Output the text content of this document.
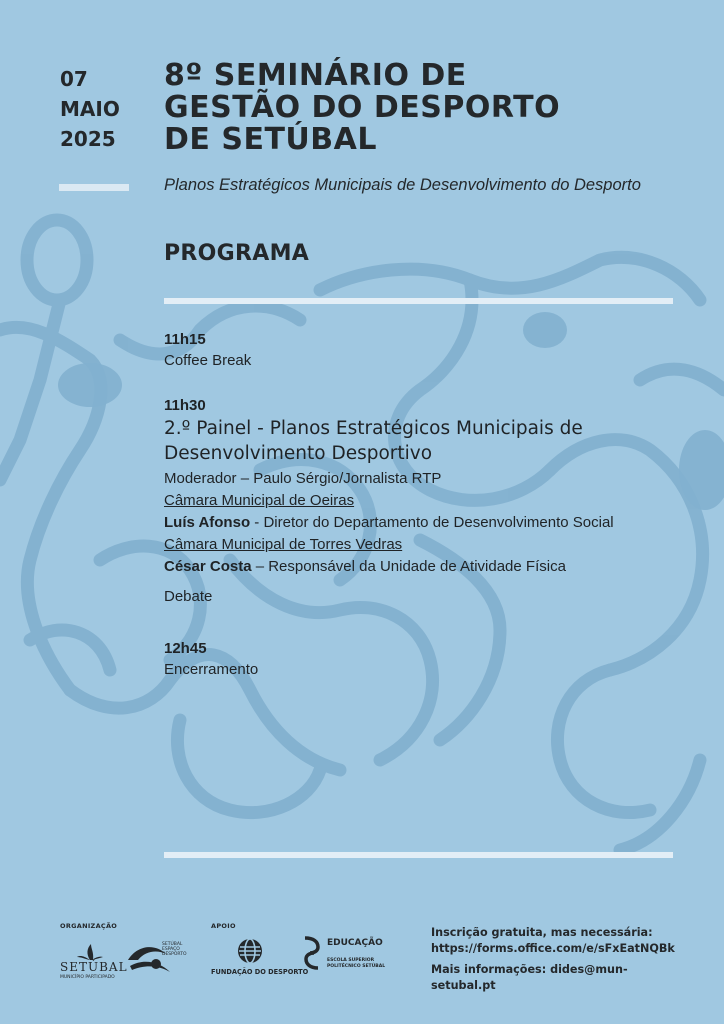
07
MAIO
2025
8º SEMINÁRIO DE
GESTÃO DO DESPORTO
DE SETÚBAL
Planos Estratégicos Municipais de Desenvolvimento do Desporto
PROGRAMA
11h15
Coffee Break
11h30
2.º Painel - Planos Estratégicos Municipais de
Desenvolvimento Desportivo
Moderador – Paulo Sérgio/Jornalista RTP
Câmara Municipal de Oeiras
Luís Afonso - Diretor do Departamento de Desenvolvimento Social
Câmara Municipal de Torres Vedras
César Costa – Responsável da Unidade de Atividade Física
Debate
12h45
Encerramento
ORGANIZAÇÃO	APOIO
SETÚBAL
MUNICÍPIO PARTICIPADO
SETÚBAL ESPAÇO DESPORTO
FUNDAÇÃO DO DESPORTO
EDUCAÇÃO
ESCOLA SUPERIOR
POLITÉCNICO SETÚBAL
Inscrição gratuita, mas necessária:
https://forms.office.com/e/sFxEatNQBk
Mais informações: dides@mun-setubal.pt
